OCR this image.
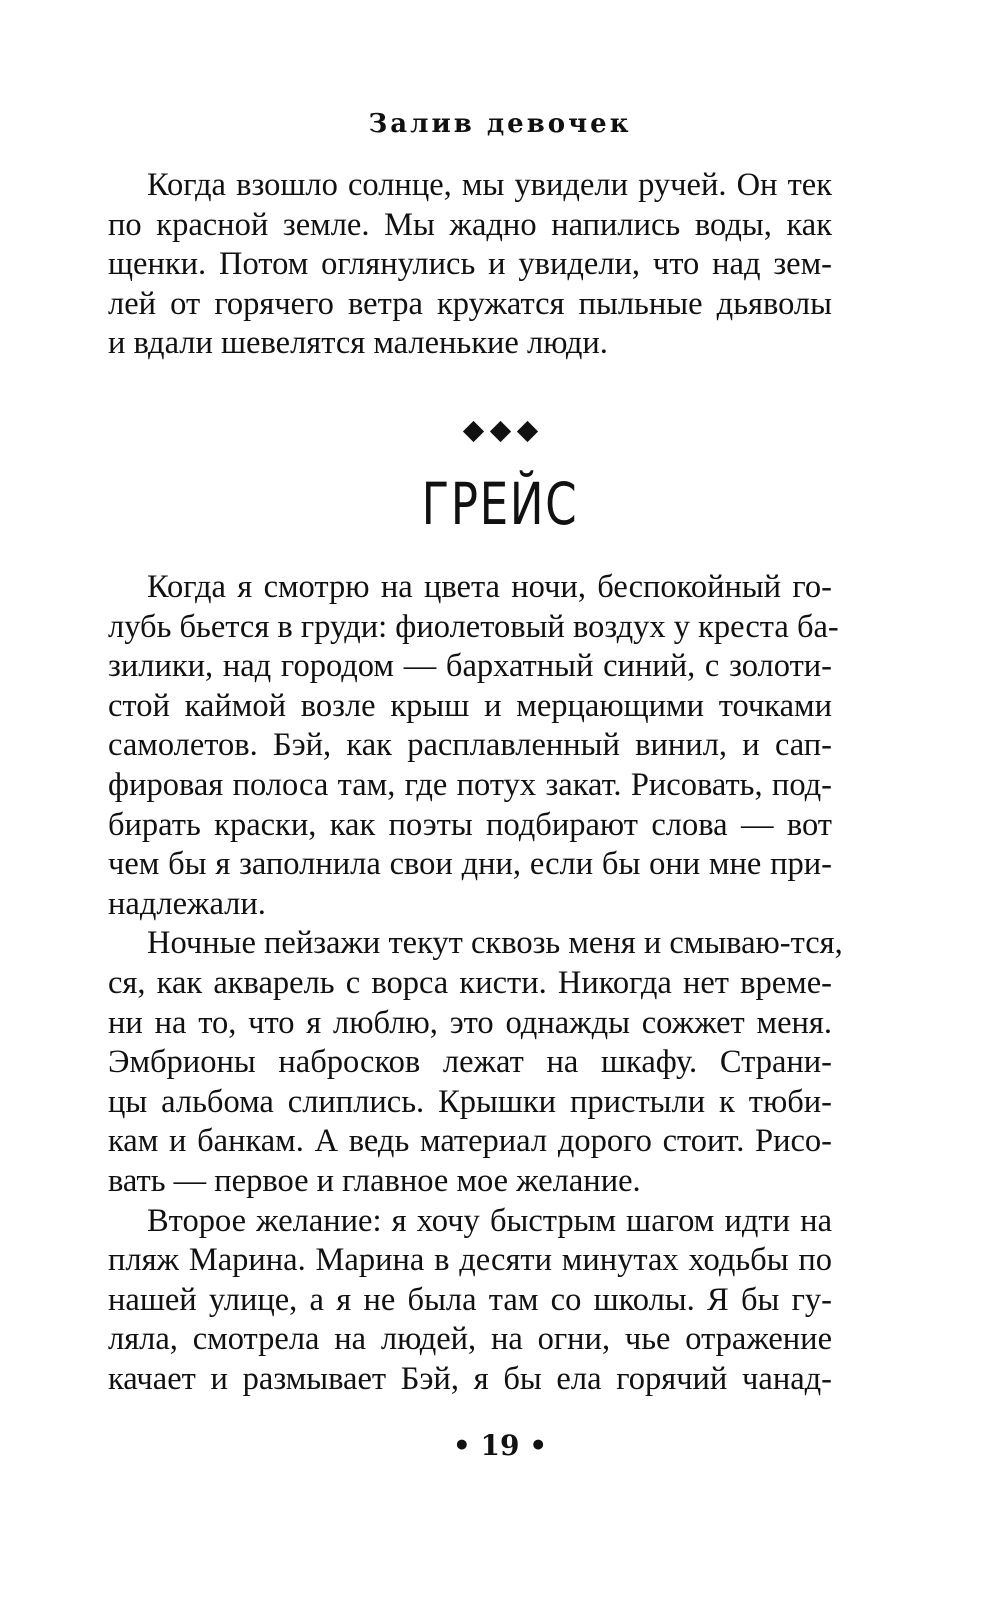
Залив девочек
Когда взошло солнце, мы увидели ручей. Он тек
по красной земле. Мы жадно напились воды, как
щенки. Потом оглянулись и увидели, что над зем-
лей от горячего ветра кружатся пыльные дьяволы
и вдали шевелятся маленькие люди.
ГРЕЙС
Когда я смотрю на цвета ночи, беспокойный го-
лубь бьется в груди: фиолетовый воздух у креста ба-
зилики, над городом — бархатный синий, с золоти-
стой каймой возле крыш и мерцающими точками
самолетов. Бэй, как расплавленный винил, и сап-
фировая полоса там, где потух закат. Рисовать, под-
бирать краски, как поэты подбирают слова — вот
чем бы я заполнила свои дни, если бы они мне при-
надлежали.
Ночные пейзажи текут сквозь меня и смываю-тся,
ся, как акварель с ворса кисти. Никогда нет време-
ни на то, что я люблю, это однажды сожжет меня.
Эмбрионы набросков лежат на шкафу. Страни-
цы альбома слиплись. Крышки пристыли к тюби-
кам и банкам. А ведь материал дорого стоит. Рисо-
вать — первое и главное мое желание.
Второе желание: я хочу быстрым шагом идти на
пляж Марина. Марина в десяти минутах ходьбы по
нашей улице, а я не была там со школы. Я бы гу-
ляла, смотрела на людей, на огни, чье отражение
качает и размывает Бэй, я бы ела горячий чанад-
• 19 •
